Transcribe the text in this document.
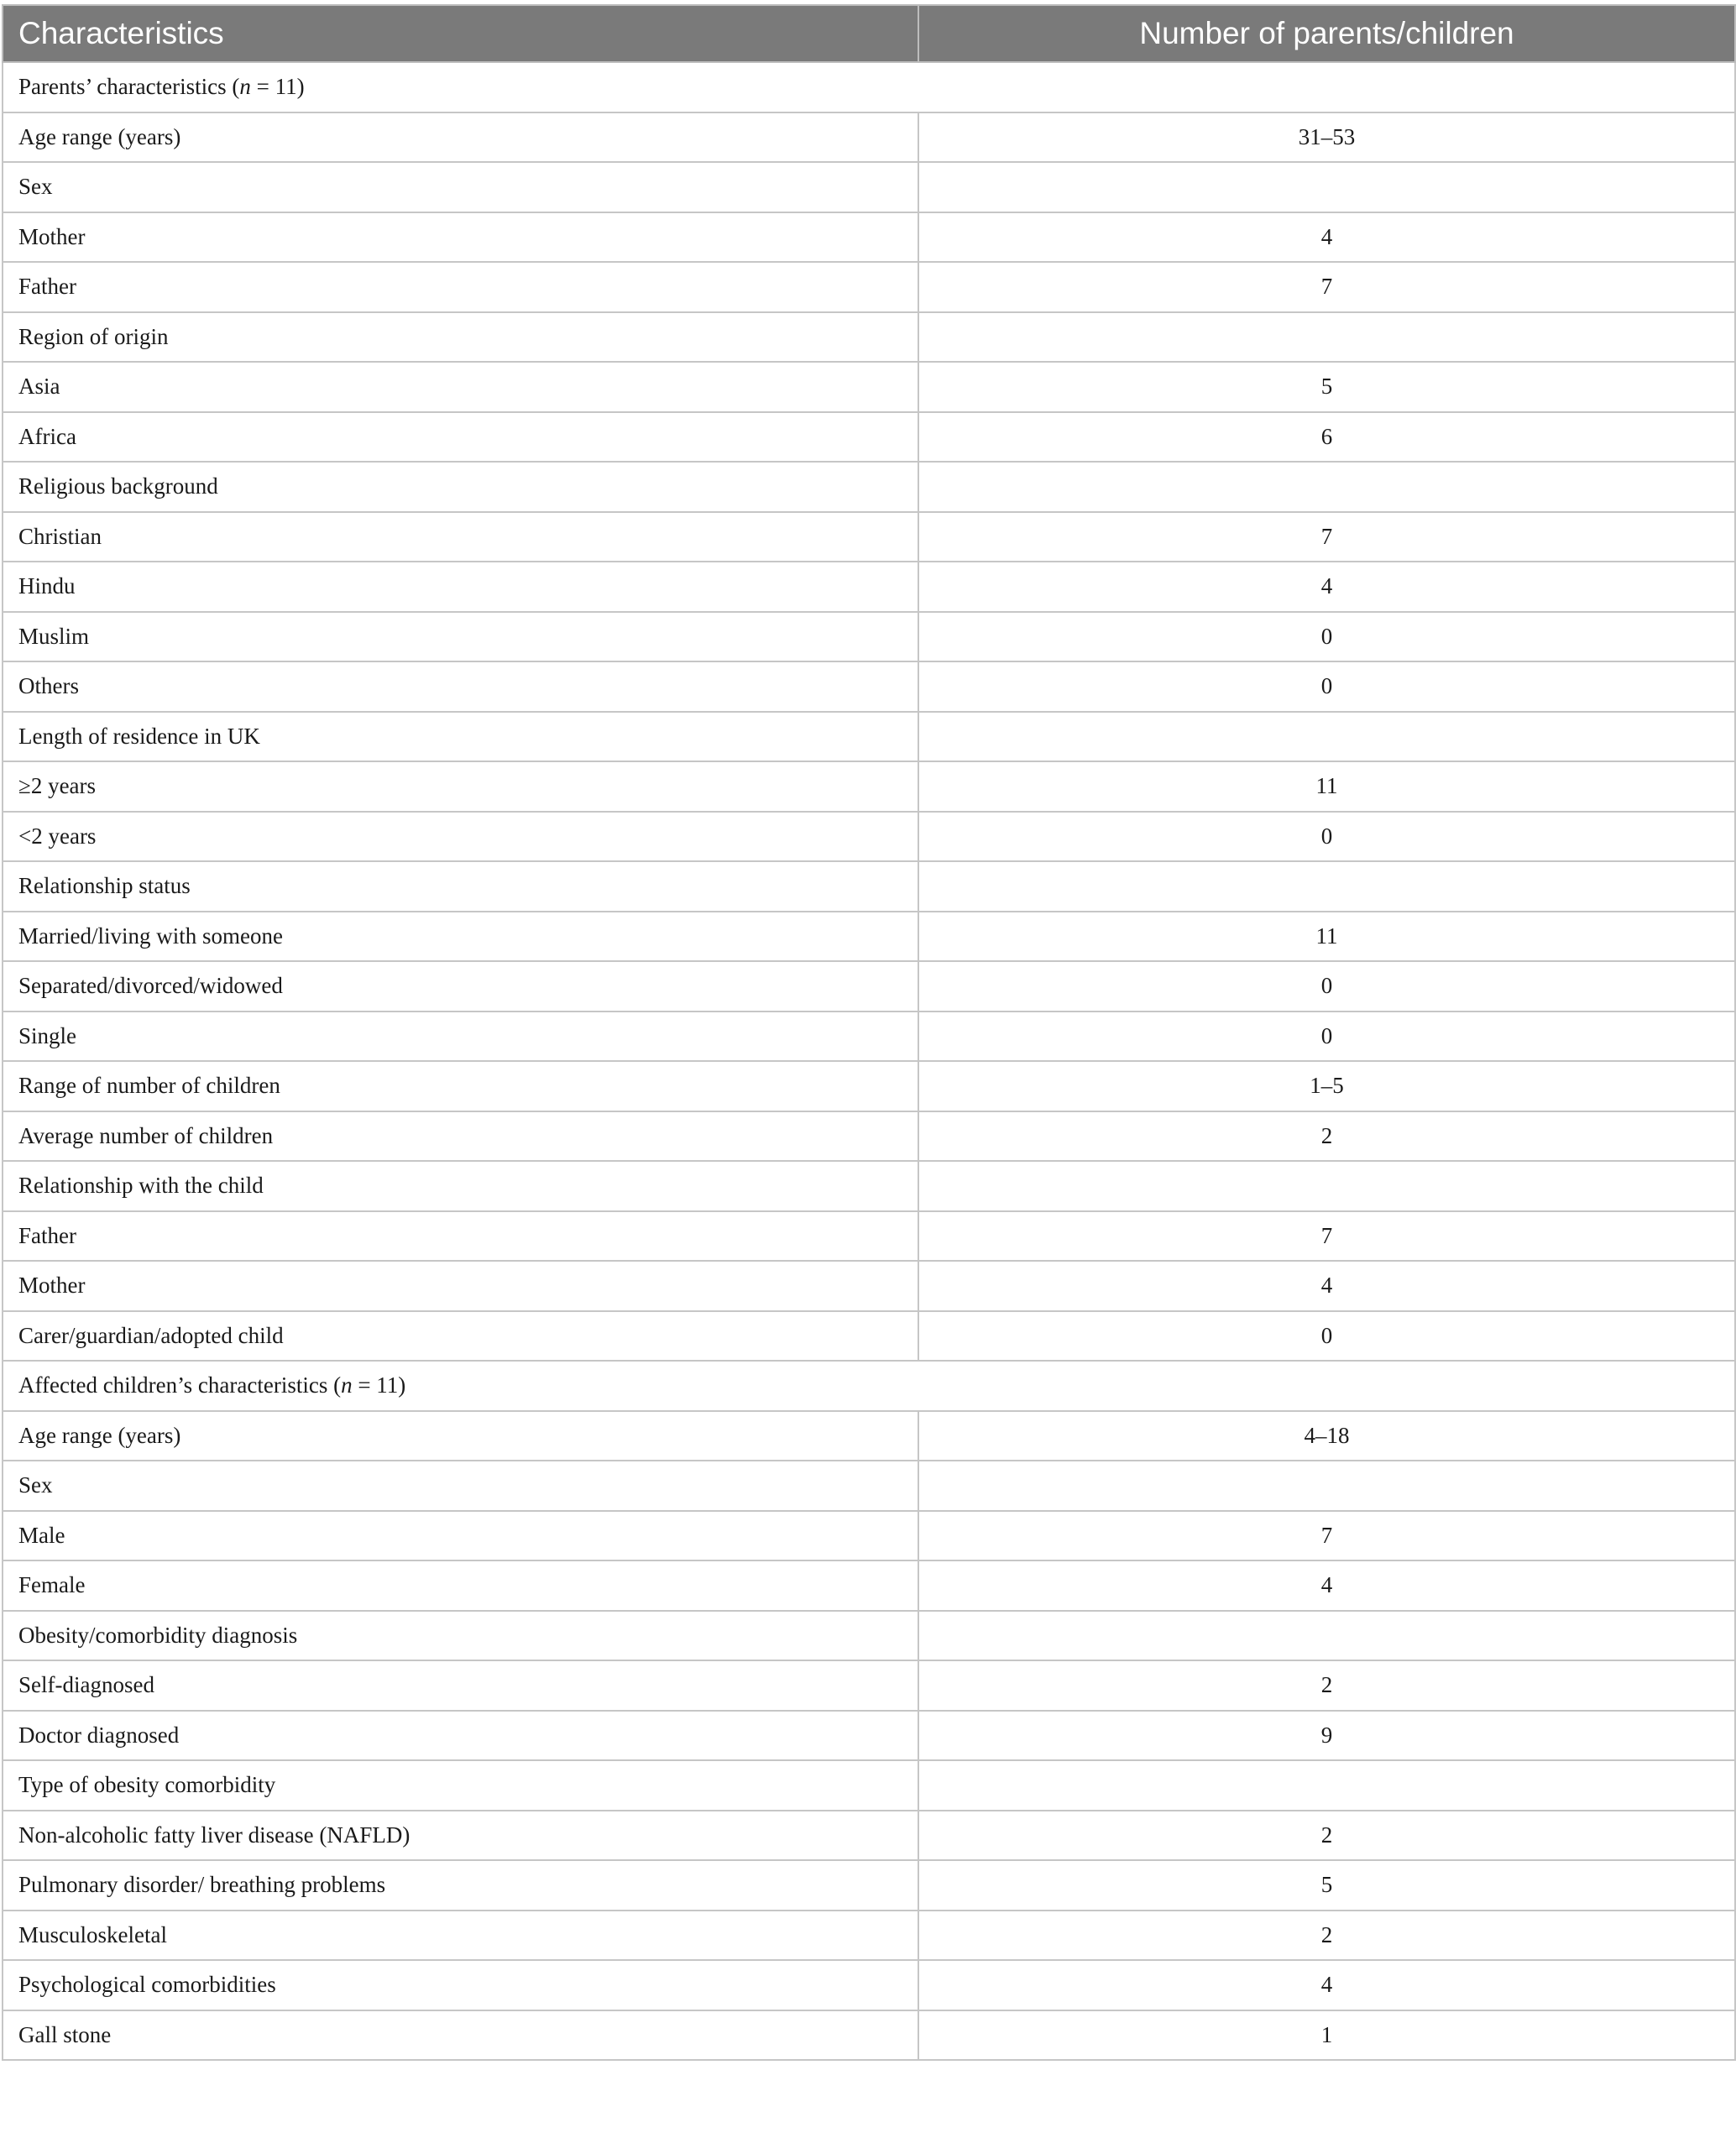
Characteristics	Number of parents/children
Parents’ characteristics (n = 11)	
Age range (years)	31–53
Sex	
Mother	4
Father	7
Region of origin	
Asia	5
Africa	6
Religious background	
Christian	7
Hindu	4
Muslim	0
Others	0
Length of residence in UK	
≥2 years	11
<2 years	0
Relationship status	
Married/living with someone	11
Separated/divorced/widowed	0
Single	0
Range of number of children	1–5
Average number of children	2
Relationship with the child	
Father	7
Mother	4
Carer/guardian/adopted child	0
Affected children’s characteristics (n = 11)	
Age range (years)	4–18
Sex	
Male	7
Female	4
Obesity/comorbidity diagnosis	
Self-diagnosed	2
Doctor diagnosed	9
Type of obesity comorbidity	
Non-alcoholic fatty liver disease (NAFLD)	2
Pulmonary disorder/ breathing problems	5
Musculoskeletal	2
Psychological comorbidities	4
Gall stone	1
